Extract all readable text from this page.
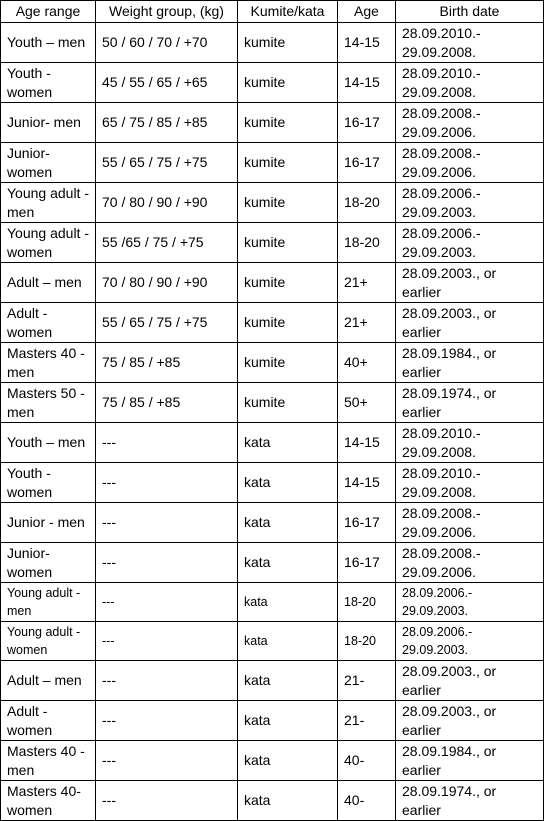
Age range	Weight group, (kg)	Kumite/kata	Age	Birth date
Youth – men	50 / 60 / 70 / +70	kumite	14-15	28.09.2010.- 29.09.2008.
Youth - women	45 / 55 / 65 / +65	kumite	14-15	28.09.2010.- 29.09.2008.
Junior- men	65 / 75 / 85 / +85	kumite	16-17	28.09.2008.- 29.09.2006.
Junior- women	55 / 65 / 75 / +75	kumite	16-17	28.09.2008.- 29.09.2006.
Young adult - men	70 / 80 / 90 / +90	kumite	18-20	28.09.2006.- 29.09.2003.
Young adult - women	55 /65 / 75 / +75	kumite	18-20	28.09.2006.- 29.09.2003.
Adult – men	70 / 80 / 90 / +90	kumite	21+	28.09.2003., or earlier
Adult - women	55 / 65 / 75 / +75	kumite	21+	28.09.2003., or earlier
Masters 40 - men	75 / 85 / +85	kumite	40+	28.09.1984., or earlier
Masters 50 - men	75 / 85 / +85	kumite	50+	28.09.1974., or earlier
Youth – men	---	kata	14-15	28.09.2010.- 29.09.2008.
Youth - women	---	kata	14-15	28.09.2010.- 29.09.2008.
Junior - men	---	kata	16-17	28.09.2008.- 29.09.2006.
Junior- women	---	kata	16-17	28.09.2008.- 29.09.2006.
Young adult - men	---	kata	18-20	28.09.2006.- 29.09.2003.
Young adult - women	---	kata	18-20	28.09.2006.- 29.09.2003.
Adult – men	---	kata	21-	28.09.2003., or earlier
Adult - women	---	kata	21-	28.09.2003., or earlier
Masters 40 - men	---	kata	40-	28.09.1984., or earlier
Masters 40- women	---	kata	40-	28.09.1974., or earlier
